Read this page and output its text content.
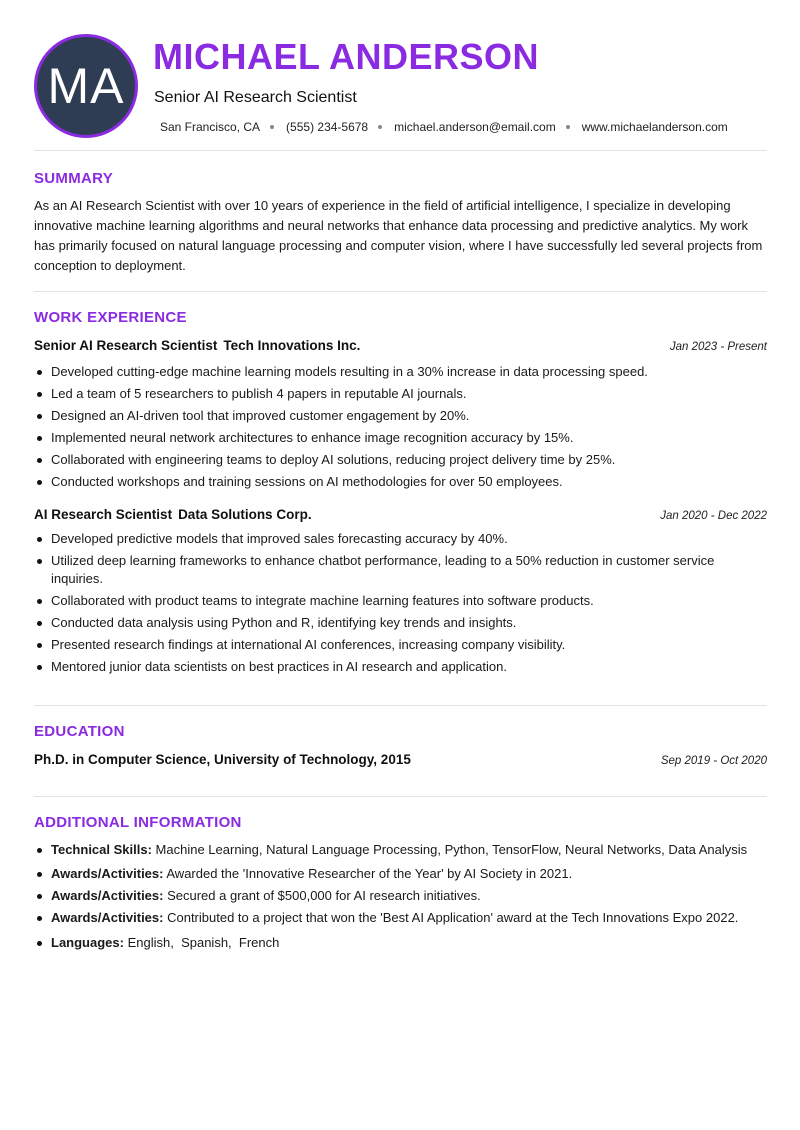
MA
MICHAEL ANDERSON
Senior AI Research Scientist
San Francisco, CA (555) 234-5678 michael.anderson@email.com www.michaelanderson.com
SUMMARY
As an AI Research Scientist with over 10 years of experience in the field of artificial intelligence, I specialize in developing innovative machine learning algorithms and neural networks that enhance data processing and predictive analytics. My work has primarily focused on natural language processing and computer vision, where I have successfully led several projects from conception to deployment.
WORK EXPERIENCE
Senior AI Research Scientist Tech Innovations Inc.	Jan 2023 - Present
Developed cutting-edge machine learning models resulting in a 30% increase in data processing speed.
Led a team of 5 researchers to publish 4 papers in reputable AI journals.
Designed an AI-driven tool that improved customer engagement by 20%.
Implemented neural network architectures to enhance image recognition accuracy by 15%.
Collaborated with engineering teams to deploy AI solutions, reducing project delivery time by 25%.
Conducted workshops and training sessions on AI methodologies for over 50 employees.
AI Research Scientist Data Solutions Corp.	Jan 2020 - Dec 2022
Developed predictive models that improved sales forecasting accuracy by 40%.
Utilized deep learning frameworks to enhance chatbot performance, leading to a 50% reduction in customer service inquiries.
Collaborated with product teams to integrate machine learning features into software products.
Conducted data analysis using Python and R, identifying key trends and insights.
Presented research findings at international AI conferences, increasing company visibility.
Mentored junior data scientists on best practices in AI research and application.
EDUCATION
Ph.D. in Computer Science, University of Technology, 2015	Sep 2019 - Oct 2020
ADDITIONAL INFORMATION
Technical Skills: Machine Learning, Natural Language Processing, Python, TensorFlow, Neural Networks, Data Analysis
Awards/Activities: Awarded the 'Innovative Researcher of the Year' by AI Society in 2021.
Awards/Activities: Secured a grant of $500,000 for AI research initiatives.
Awards/Activities: Contributed to a project that won the 'Best AI Application' award at the Tech Innovations Expo 2022.
Languages: English,  Spanish,  French
